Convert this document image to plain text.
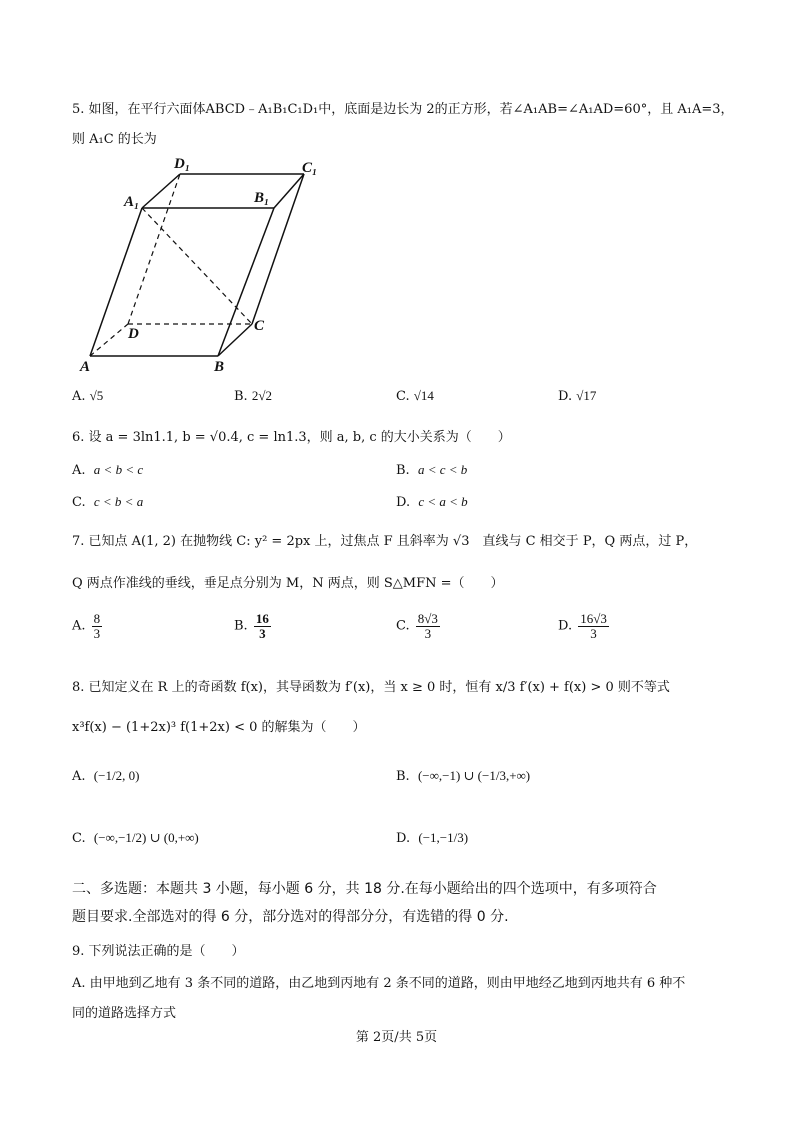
5. 如图，在平行六面体ABCD﹣A₁B₁C₁D₁中，底面是边长为 2的正方形，若∠A₁AB=∠A₁AD=60°，且 A₁A=3，
则 A₁C 的长为
D₁	C₁
A₁	B₁
D	C
A	B
A. √5	B. 2√2	C. √14	D. √17
6. 设 a = 3ln1.1, b = √0.4, c = ln1.3，则 a, b, c 的大小关系为（　　）
A. a < b < c	B. a < c < b
C. c < b < a	D. c < a < b
7. 已知点 A(1, 2) 在抛物线 C: y² = 2px 上，过焦点 F 且斜率为 √3　直线与 C 相交于 P，Q 两点，过 P，
Q 两点作准线的垂线，垂足点分别为 M，N 两点，则 S△MFN =（　　）
A. $\frac{8}{3}$	B. $\frac{16}{3}$	C. $\frac{8√3}{3}$	D. $\frac{16√3}{3}$
8. 已知定义在 R 上的奇函数 f(x)，其导函数为 f′(x)，当 x ≥ 0 时，恒有 x/3 f′(x) + f(x) > 0 则不等式
x³f(x) − (1+2x)³ f(1+2x) < 0 的解集为（　　）
A. (−1/2, 0)	B. (−∞,−1) ∪ (−1/3,+∞)
C. (−∞,−1/2) ∪ (0,+∞)	D. (−1,−1/3)
二、多选题：本题共 3 小题，每小题 6 分，共 18 分.在每小题给出的四个选项中，有多项符合
题目要求.全部选对的得 6 分，部分选对的得部分分，有选错的得 0 分.
9. 下列说法正确的是（　　）
A. 由甲地到乙地有 3 条不同的道路，由乙地到丙地有 2 条不同的道路，则由甲地经乙地到丙地共有 6 种不
同的道路选择方式
第 2页/共 5页
